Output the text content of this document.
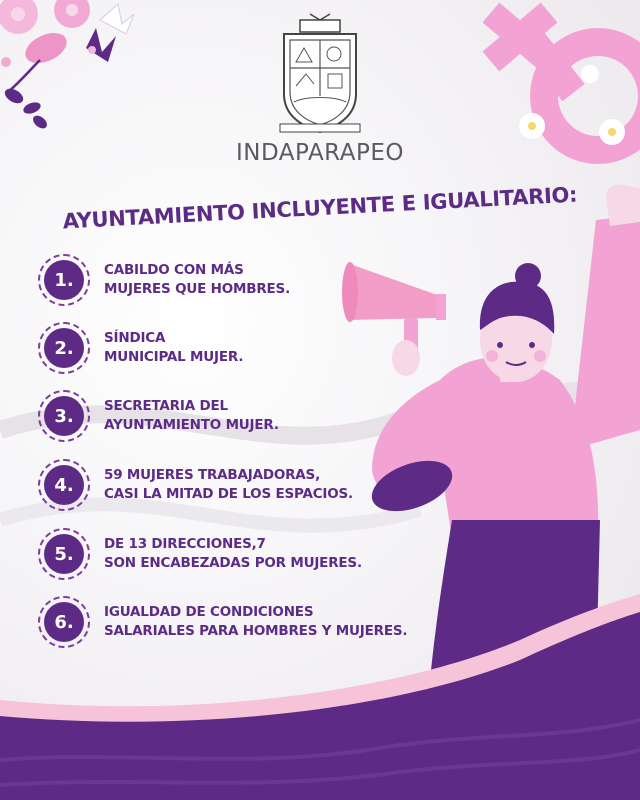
INDAPARAPEO
AYUNTAMIENTO INCLUYENTE E IGUALITARIO:
1.	CABILDO CON MÁS
MUJERES QUE HOMBRES.
2.	SÍNDICA
MUNICIPAL MUJER.
3.	SECRETARIA DEL
AYUNTAMIENTO MUJER.
4.	59 MUJERES TRABAJADORAS,
CASI LA MITAD DE LOS ESPACIOS.
5.	DE 13 DIRECCIONES,7
SON ENCABEZADAS POR MUJERES.
6.	IGUALDAD DE CONDICIONES
SALARIALES PARA HOMBRES Y MUJERES.
